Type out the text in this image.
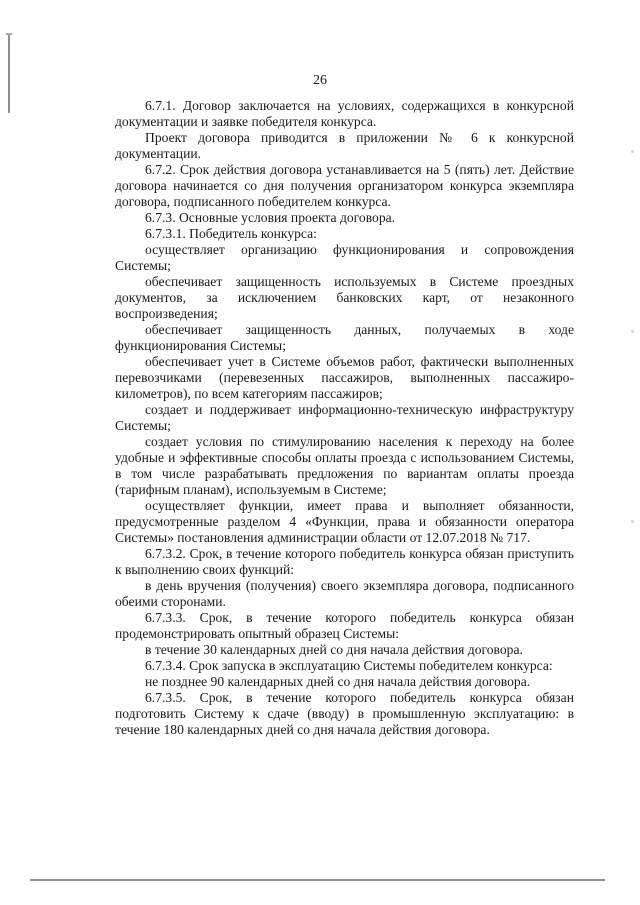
26

6.7.1. Договор заключается на условиях, содержащихся в конкурсной документации и заявке победителя конкурса.

Проект договора приводится в приложении № 6 к конкурсной документации.

6.7.2. Срок действия договора устанавливается на 5 (пять) лет. Действие договора начинается со дня получения организатором конкурса экземпляра договора, подписанного победителем конкурса.

6.7.3. Основные условия проекта договора.

6.7.3.1. Победитель конкурса:

осуществляет организацию функционирования и сопровождения Системы;

обеспечивает защищенность используемых в Системе проездных документов, за исключением банковских карт, от незаконного воспроизведения;

обеспечивает защищенность данных, получаемых в ходе функционирования Системы;

обеспечивает учет в Системе объемов работ, фактически выполненных перевозчиками (перевезенных пассажиров, выполненных пассажиро-километров), по всем категориям пассажиров;

создает и поддерживает информационно-техническую инфраструктуру Системы;

создает условия по стимулированию населения к переходу на более удобные и эффективные способы оплаты проезда с использованием Системы, в том числе разрабатывать предложения по вариантам оплаты проезда (тарифным планам), используемым в Системе;

осуществляет функции, имеет права и выполняет обязанности, предусмотренные разделом 4 «Функции, права и обязанности оператора Системы» постановления администрации области от 12.07.2018 № 717.

6.7.3.2. Срок, в течение которого победитель конкурса обязан приступить к выполнению своих функций:

в день вручения (получения) своего экземпляра договора, подписанного обеими сторонами.

6.7.3.3. Срок, в течение которого победитель конкурса обязан продемонстрировать опытный образец Системы:

в течение 30 календарных дней со дня начала действия договора.

6.7.3.4. Срок запуска в эксплуатацию Системы победителем конкурса:

не позднее 90 календарных дней со дня начала действия договора.

6.7.3.5. Срок, в течение которого победитель конкурса обязан подготовить Систему к сдаче (вводу) в промышленную эксплуатацию: в течение 180 календарных дней со дня начала действия договора.
